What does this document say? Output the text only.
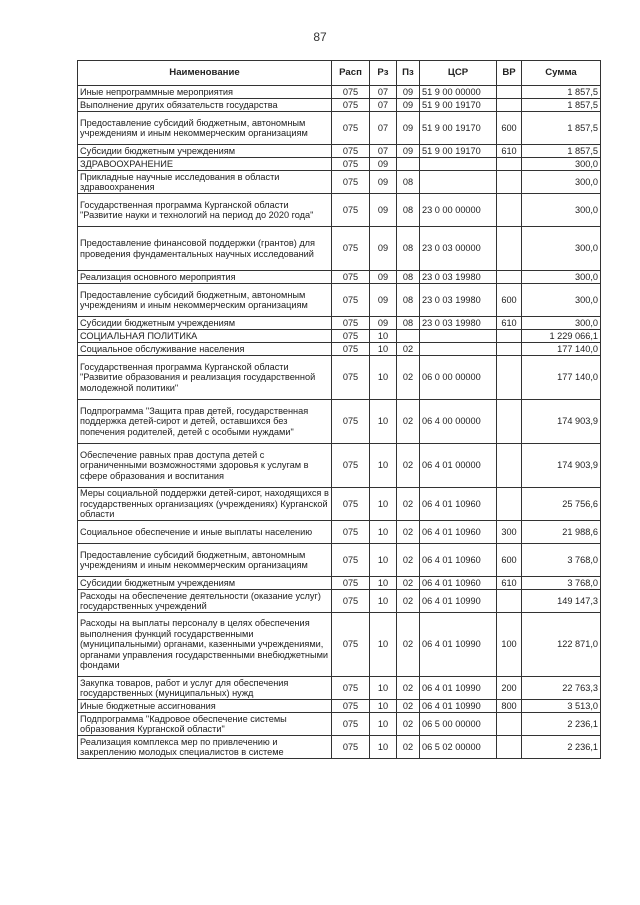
87
Наименование	Расп	Рз	Пз	ЦСР	ВР	Сумма
Иные непрограммные мероприятия	075	07	09	51 9 00 00000		1 857,5
Выполнение других обязательств государства	075	07	09	51 9 00 19170		1 857,5
Предоставление субсидий бюджетным, автономным учреждениям и иным некоммерческим организациям	075	07	09	51 9 00 19170	600	1 857,5
Субсидии бюджетным учреждениям	075	07	09	51 9 00 19170	610	1 857,5
ЗДРАВООХРАНЕНИЕ	075	09				300,0
Прикладные научные исследования в области здравоохранения	075	09	08			300,0
Государственная программа Курганской области "Развитие науки и технологий на период до 2020 года"	075	09	08	23 0 00 00000		300,0
Предоставление финансовой поддержки (грантов) для проведения фундаментальных научных исследований	075	09	08	23 0 03 00000		300,0
Реализация основного мероприятия	075	09	08	23 0 03 19980		300,0
Предоставление субсидий бюджетным, автономным учреждениям и иным некоммерческим организациям	075	09	08	23 0 03 19980	600	300,0
Субсидии бюджетным учреждениям	075	09	08	23 0 03 19980	610	300,0
СОЦИАЛЬНАЯ ПОЛИТИКА	075	10				1 229 066,1
Социальное обслуживание населения	075	10	02			177 140,0
Государственная программа Курганской области "Развитие образования и реализация государственной молодежной политики"	075	10	02	06 0 00 00000		177 140,0
Подпрограмма "Защита прав детей, государственная поддержка детей-сирот и детей, оставшихся без попечения родителей, детей с особыми нуждами"	075	10	02	06 4 00 00000		174 903,9
Обеспечение равных прав доступа детей с ограниченными возможностями здоровья к услугам в сфере образования и воспитания	075	10	02	06 4 01 00000		174 903,9
Меры социальной поддержки детей-сирот, находящихся в государственных организациях (учреждениях) Курганской области	075	10	02	06 4 01 10960		25 756,6
Социальное обеспечение и иные выплаты населению	075	10	02	06 4 01 10960	300	21 988,6
Предоставление субсидий бюджетным, автономным учреждениям и иным некоммерческим организациям	075	10	02	06 4 01 10960	600	3 768,0
Субсидии бюджетным учреждениям	075	10	02	06 4 01 10960	610	3 768,0
Расходы на обеспечение деятельности (оказание услуг) государственных учреждений	075	10	02	06 4 01 10990		149 147,3
Расходы на выплаты персоналу в целях обеспечения выполнения функций государственными (муниципальными) органами, казенными учреждениями, органами управления государственными внебюджетными фондами	075	10	02	06 4 01 10990	100	122 871,0
Закупка товаров, работ и услуг для обеспечения государственных (муниципальных) нужд	075	10	02	06 4 01 10990	200	22 763,3
Иные бюджетные ассигнования	075	10	02	06 4 01 10990	800	3 513,0
Подпрограмма "Кадровое обеспечение системы образования Курганской области"	075	10	02	06 5 00 00000		2 236,1
Реализация комплекса мер по привлечению и закреплению молодых специалистов в системе	075	10	02	06 5 02 00000		2 236,1
